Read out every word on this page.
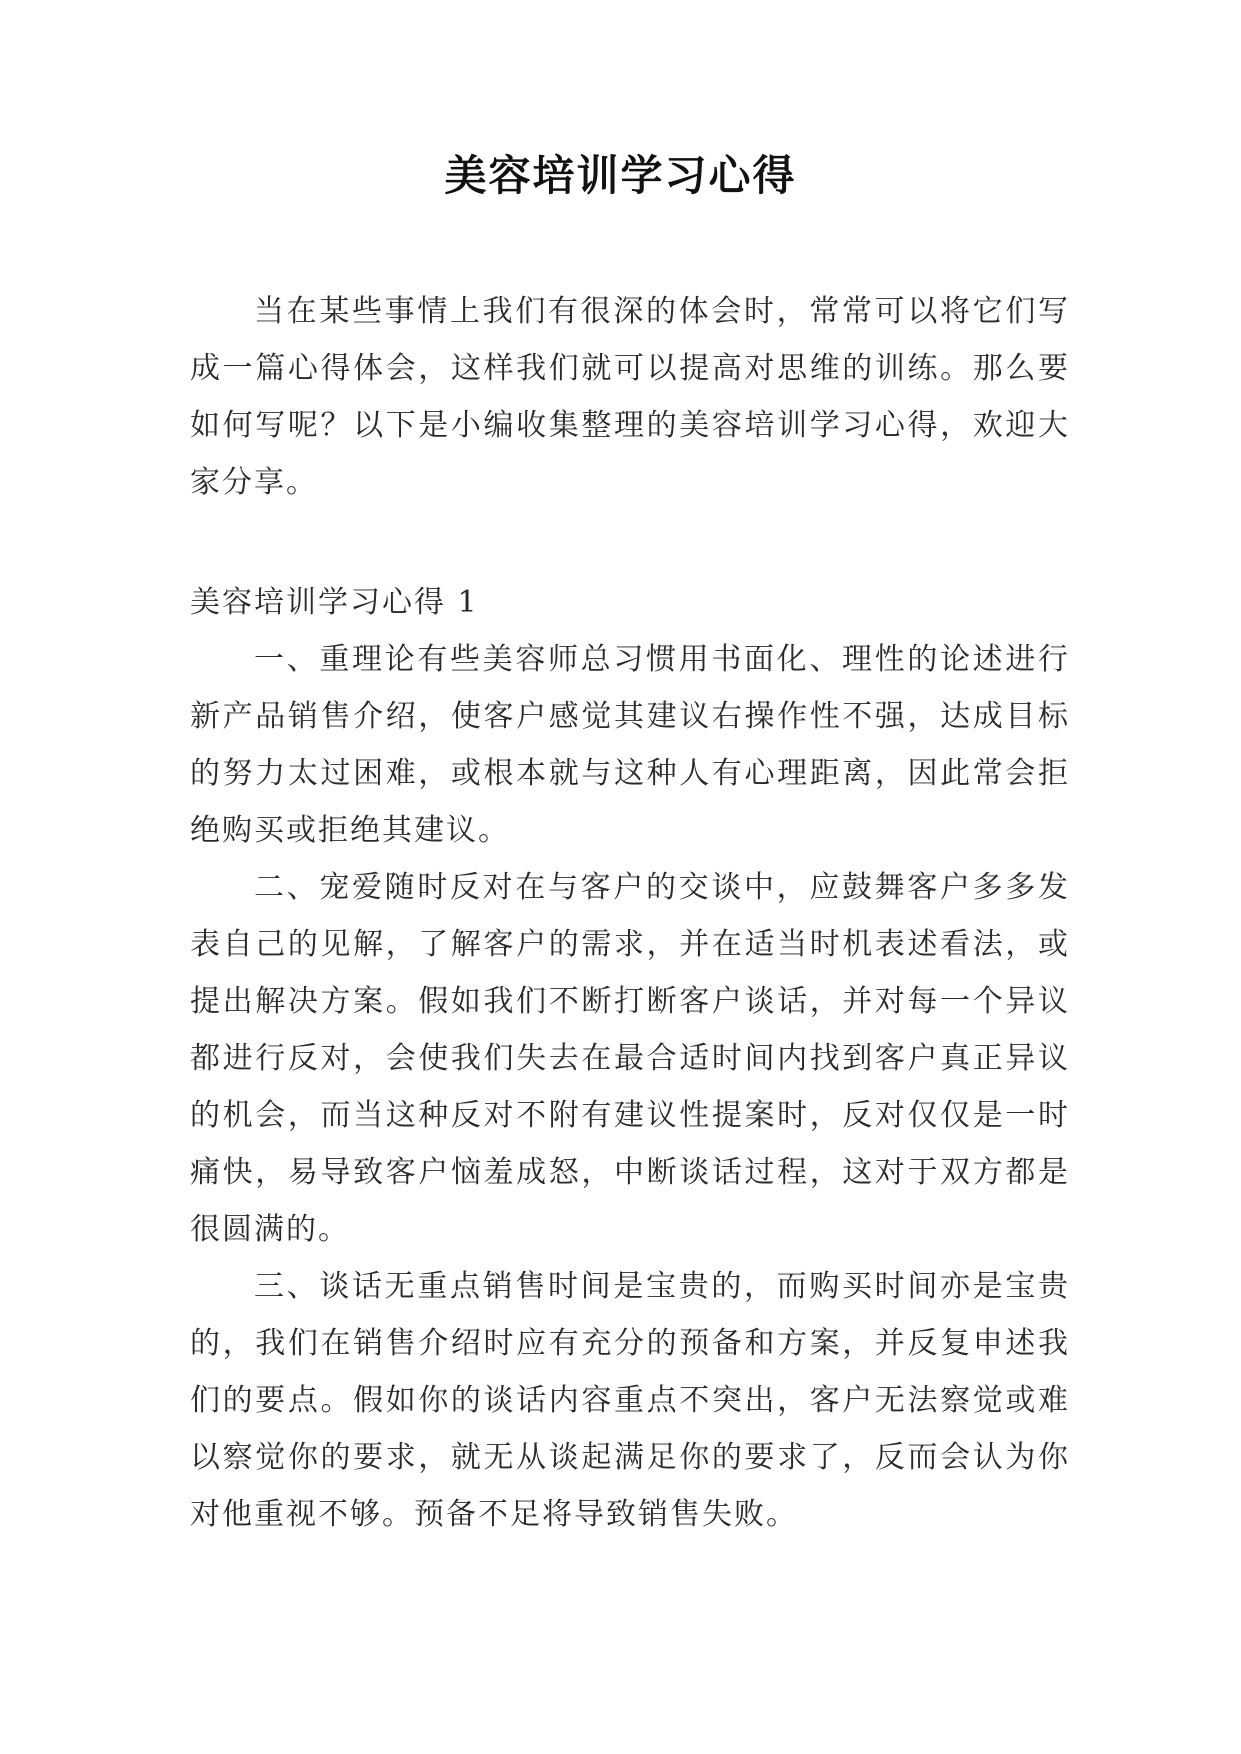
美容培训学习心得

当在某些事情上我们有很深的体会时，常常可以将它们写成一篇心得体会，这样我们就可以提高对思维的训练。那么要如何写呢？以下是小编收集整理的美容培训学习心得，欢迎大家分享。

美容培训学习心得 1

一、重理论有些美容师总习惯用书面化、理性的论述进行新产品销售介绍，使客户感觉其建议右操作性不强，达成目标的努力太过困难，或根本就与这种人有心理距离，因此常会拒绝购买或拒绝其建议。

二、宠爱随时反对在与客户的交谈中，应鼓舞客户多多发表自己的见解，了解客户的需求，并在适当时机表述看法，或提出解决方案。假如我们不断打断客户谈话，并对每一个异议都进行反对，会使我们失去在最合适时间内找到客户真正异议的机会，而当这种反对不附有建议性提案时，反对仅仅是一时痛快，易导致客户恼羞成怒，中断谈话过程，这对于双方都是很圆满的。

三、谈话无重点销售时间是宝贵的，而购买时间亦是宝贵的，我们在销售介绍时应有充分的预备和方案，并反复申述我们的要点。假如你的谈话内容重点不突出，客户无法察觉或难以察觉你的要求，就无从谈起满足你的要求了，反而会认为你对他重视不够。预备不足将导致销售失败。
